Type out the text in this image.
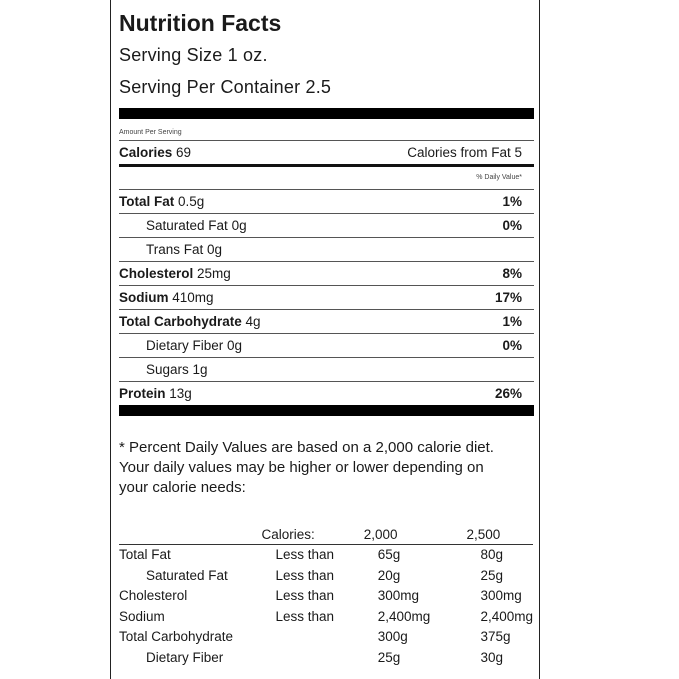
Nutrition Facts
Serving Size 1 oz.
Serving Per Container 2.5
Amount Per Serving
Calories 69	Calories from Fat 5
% Daily Value*
Total Fat 0.5g	1%
Saturated Fat 0g	0%
Trans Fat 0g
Cholesterol 25mg	8%
Sodium 410mg	17%
Total Carbohydrate 4g	1%
Dietary Fiber 0g	0%
Sugars 1g
Protein 13g	26%
* Percent Daily Values are based on a 2,000 calorie diet. Your daily values may be higher or lower depending on your calorie needs:
	Calories:	2,000	2,500
Total Fat	Less than	65g	80g
Saturated Fat	Less than	20g	25g
Cholesterol	Less than	300mg	300mg
Sodium	Less than	2,400mg	2,400mg
Total Carbohydrate		300g	375g
Dietary Fiber		25g	30g
